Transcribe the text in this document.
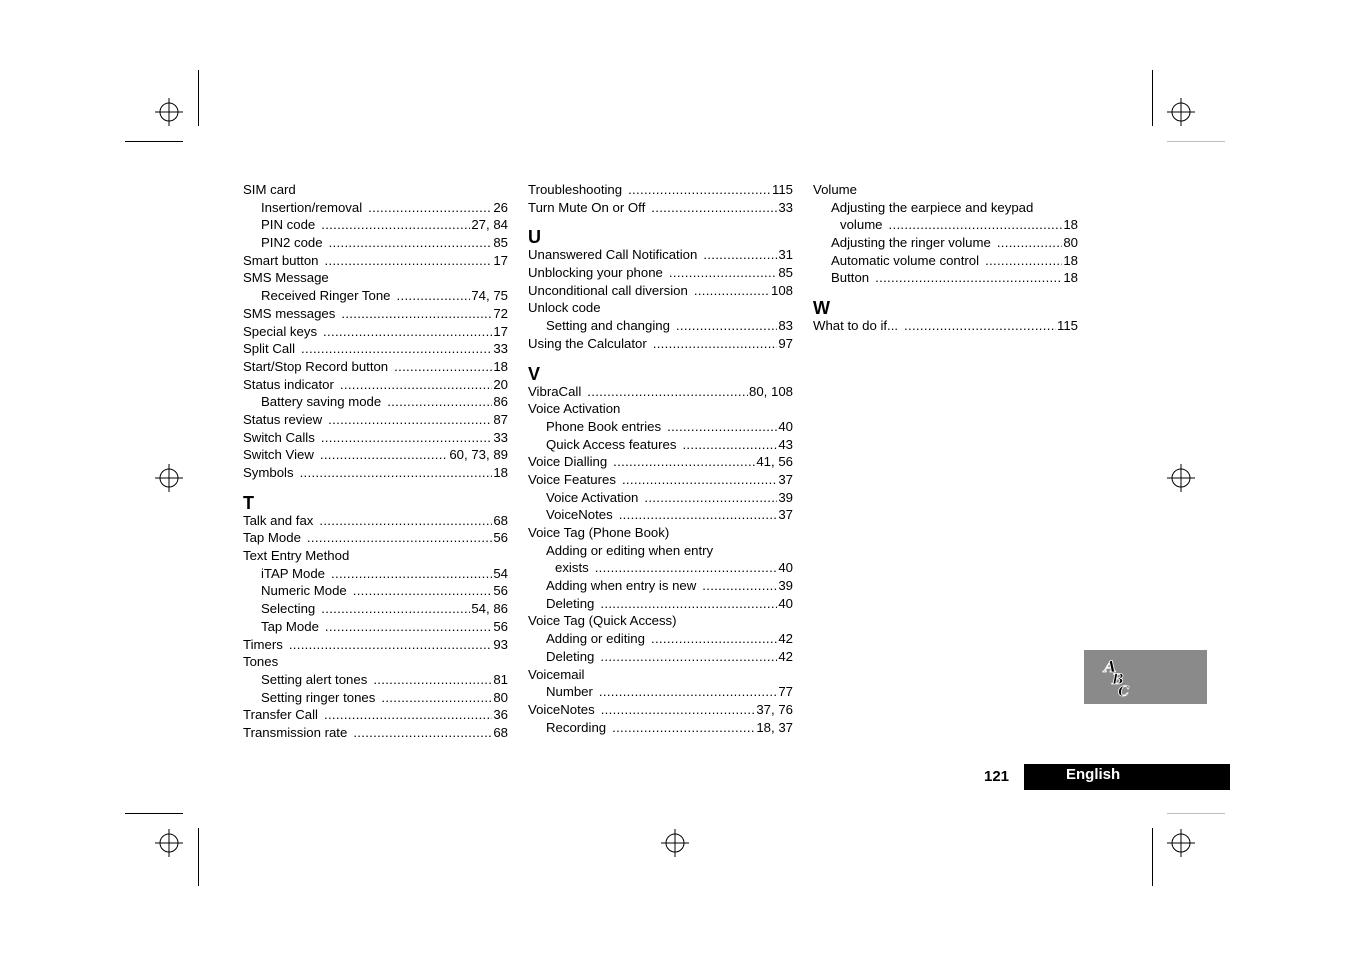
SIM card
Insertion/removal .....	26
PIN code .....	27, 84
PIN2 code .....	85
Smart button .....	17
SMS Message
Received Ringer Tone .....	74, 75
SMS messages .....	72
Special keys .....	17
Split Call .....	33
Start/Stop Record button .....	18
Status indicator .....	20
Battery saving mode .....	86
Status review .....	87
Switch Calls .....	33
Switch View .....	60, 73, 89
Symbols .....	18
T
Talk and fax .....	68
Tap Mode .....	56
Text Entry Method
iTAP Mode .....	54
Numeric Mode .....	56
Selecting .....	54, 86
Tap Mode .....	56
Timers .....	93
Tones
Setting alert tones .....	81
Setting ringer tones .....	80
Transfer Call .....	36
Transmission rate .....	68
Troubleshooting .....	115
Turn Mute On or Off .....	33
U
Unanswered Call Notification .....	31
Unblocking your phone .....	85
Unconditional call diversion .....	108
Unlock code
Setting and changing .....	83
Using the Calculator .....	97
V
VibraCall .....	80, 108
Voice Activation
Phone Book entries .....	40
Quick Access features .....	43
Voice Dialling .....	41, 56
Voice Features .....	37
Voice Activation .....	39
VoiceNotes .....	37
Voice Tag (Phone Book)
Adding or editing when entry
exists .....	40
Adding when entry is new .....	39
Deleting .....	40
Voice Tag (Quick Access)
Adding or editing .....	42
Deleting .....	42
Voicemail
Number .....	77
VoiceNotes .....	37, 76
Recording .....	18, 37
Volume
Adjusting the earpiece and keypad
volume .....	18
Adjusting the ringer volume .....	80
Automatic volume control .....	18
Button .....	18
W
What to do if... .....	115
A
B
C
121	English
